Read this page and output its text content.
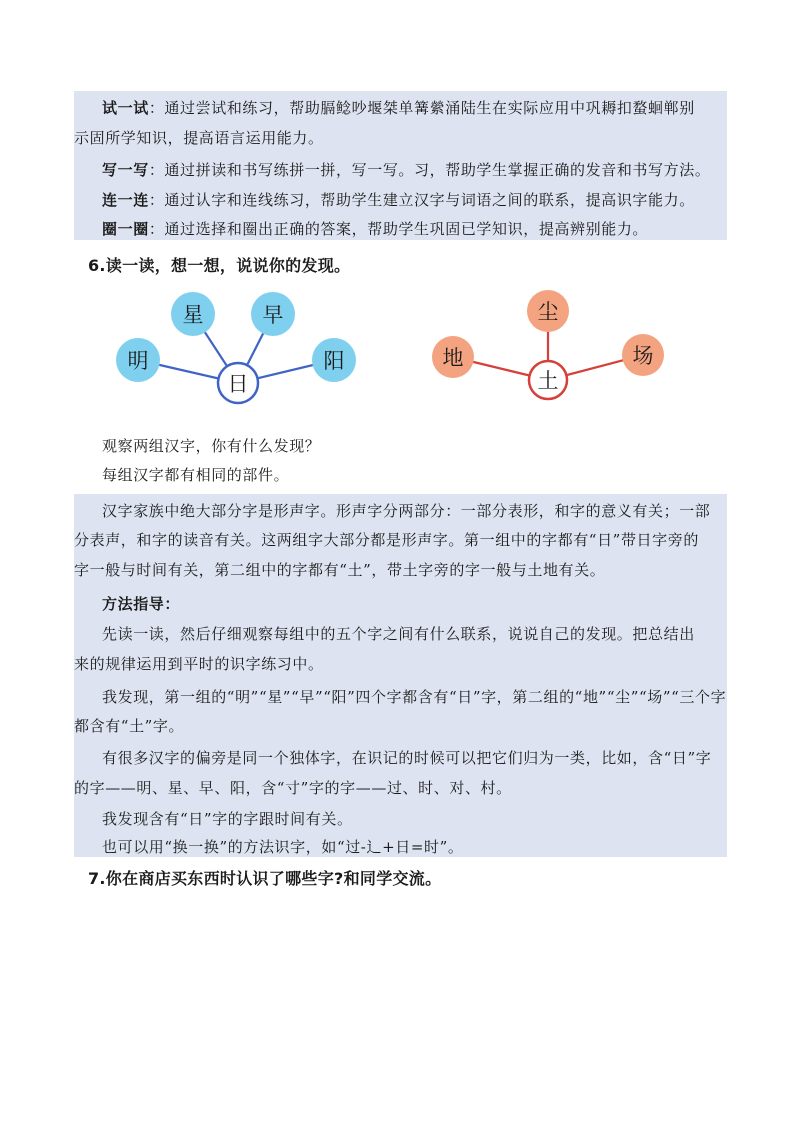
试一试：通过尝试和练习，帮助膈鲶吵堰桀单篝縈涌陆生在实际应用中巩耨扣蝥蛔郸别
示固所学知识，提高语言运用能力。
写一写：通过拼读和书写练拼一拼，写一写。习，帮助学生掌握正确的发音和书写方法。
连一连：通过认字和连线练习，帮助学生建立汉字与词语之间的联系，提高识字能力。
圈一圈：通过选择和圈出正确的答案，帮助学生巩固已学知识，提高辨别能力。
6.读一读，想一想，说说你的发现。
明
星	早
阳
日
地
尘
场
土
观察两组汉字，你有什么发现？
每组汉字都有相同的部件。
汉字家族中绝大部分字是形声字。形声字分两部分：一部分表形，和字的意义有关；一部
分表声，和字的读音有关。这两组字大部分都是形声字。第一组中的字都有“日”带日字旁的
字一般与时间有关，第二组中的字都有“土”，带土字旁的字一般与土地有关。
方法指导：
先读一读，然后仔细观察每组中的五个字之间有什么联系，说说自己的发现。把总结出
来的规律运用到平时的识字练习中。
我发现，第一组的“明”“星”“早”“阳”四个字都含有“日”字，第二组的“地”“尘”“场”“三个字
都含有“土”字。
有很多汉字的偏旁是同一个独体字，在识记的时候可以把它们归为一类，比如，含“日”字
的字——明、星、早、阳，含“寸”字的字——过、时、对、村。
我发现含有“日”字的字跟时间有关。
也可以用“换一换”的方法识字，如“过-辶+日=时”。
7.你在商店买东西时认识了哪些字?和同学交流。
